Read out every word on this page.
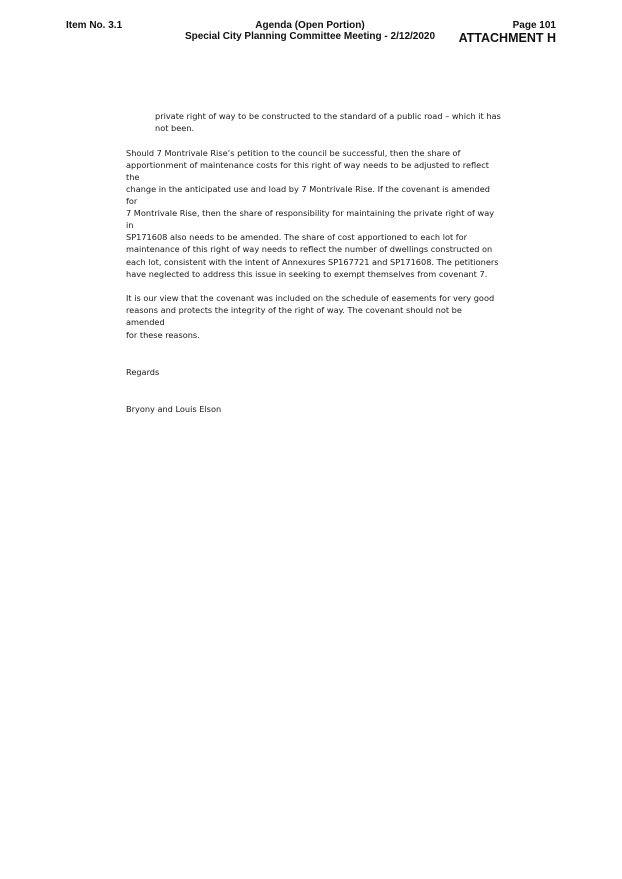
Item No. 3.1	Agenda (Open Portion)
Special City Planning Committee Meeting - 2/12/2020
Page 101
ATTACHMENT H
private right of way to be constructed to the standard of a public road – which it has
not been.
Should 7 Montrivale Rise’s petition to the council be successful, then the share of
apportionment of maintenance costs for this right of way needs to be adjusted to reflect the
change in the anticipated use and load by 7 Montrivale Rise. If the covenant is amended for
7 Montrivale Rise, then the share of responsibility for maintaining the private right of way in
SP171608 also needs to be amended. The share of cost apportioned to each lot for
maintenance of this right of way needs to reflect the number of dwellings constructed on
each lot, consistent with the intent of Annexures SP167721 and SP171608. The petitioners
have neglected to address this issue in seeking to exempt themselves from covenant 7.
It is our view that the covenant was included on the schedule of easements for very good
reasons and protects the integrity of the right of way. The covenant should not be amended
for these reasons.
Regards
Bryony and Louis Elson
